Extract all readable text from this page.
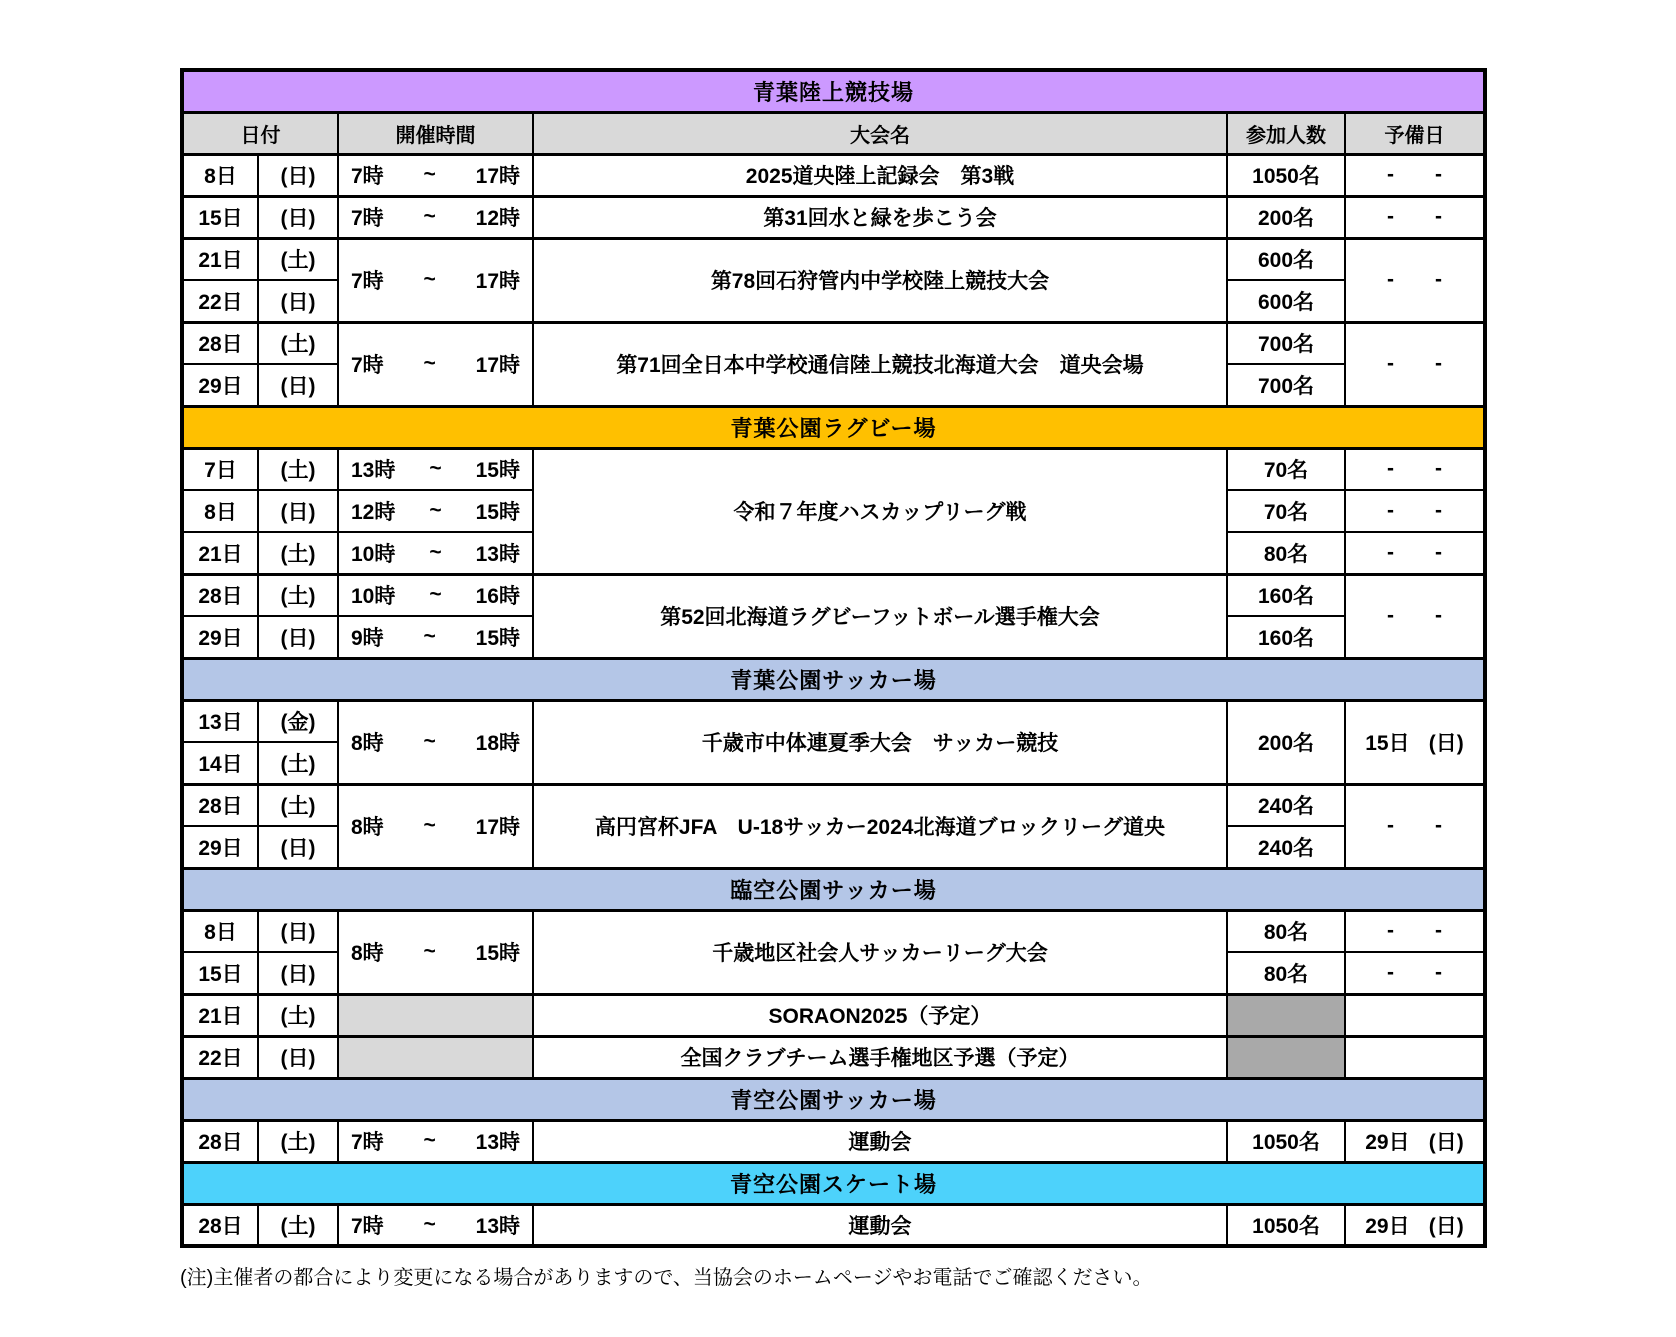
青葉陸上競技場					
日付		開催時間	大会名	参加人数	予備日
8日	(日)	7時 ~ 17時	2025道央陸上記録会　第3戦	1050名	- -

15日	(日)	7時 ~ 12時	第31回水と緑を歩こう会	200名	- -

21日	(土)	7時 ~ 17時	第78回石狩管内中学校陸上競技大会	600名	- -

22日	(日)			600名	
28日	(土)	7時 ~ 17時	第71回全日本中学校通信陸上競技北海道大会　道央会場	700名	- -

29日	(日)			700名	
青葉公園ラグビー場					
7日	(土)	13時 ~ 15時	令和７年度ハスカップリーグ戦	70名	- -

8日	(日)	12時 ~ 15時		70名	- -

21日	(土)	10時 ~ 13時		80名	- -

28日	(土)	10時 ~ 16時	第52回北海道ラグビーフットボール選手権大会	160名	- -

29日	(日)	9時 ~ 15時		160名	
青葉公園サッカー場					
13日	(金)	8時 ~ 18時	千歳市中体連夏季大会　サッカー競技	200名	15日 (日)

14日	(土)				
28日	(土)	8時 ~ 17時	高円宮杯JFA　U-18サッカー2024北海道ブロックリーグ道央	240名	- -

29日	(日)			240名	
臨空公園サッカー場					
8日	(日)	8時 ~ 15時	千歳地区社会人サッカーリーグ大会	80名	- -

15日	(日)			80名	- -

21日	(土)		SORAON2025（予定）		
22日	(日)		全国クラブチーム選手権地区予選（予定）		
青空公園サッカー場					
28日	(土)	7時 ~ 13時	運動会	1050名	29日 (日)

青空公園スケート場					
28日	(土)	7時 ~ 13時	運動会	1050名	29日 (日)
(注)主催者の都合により変更になる場合がありますので、当協会のホームページやお電話でご確認ください。
